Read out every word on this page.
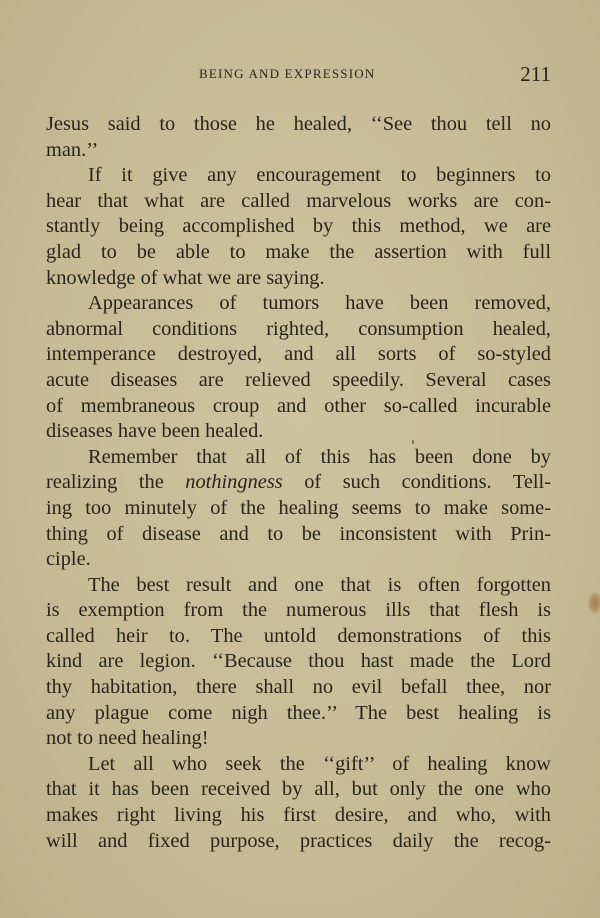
BEING AND EXPRESSION	211
Jesus said to those he healed, ‘‘See thou tell no
man.’’
If it give any encouragement to beginners to
hear that what are called marvelous works are con-
stantly being accomplished by this method, we are
glad to be able to make the assertion with full
knowledge of what we are saying.
Appearances of tumors have been removed,
abnormal conditions righted, consumption healed,
intemperance destroyed, and all sorts of so-styled
acute diseases are relieved speedily. Several cases
of membraneous croup and other so-called incurable
diseases have been healed.
Remember that all of this has been done by
realizing the nothingness of such conditions. Tell-
ing too minutely of the healing seems to make some-
thing of disease and to be inconsistent with Prin-
ciple.
The best result and one that is often forgotten
is exemption from the numerous ills that flesh is
called heir to. The untold demonstrations of this
kind are legion. ‘‘Because thou hast made the Lord
thy habitation, there shall no evil befall thee, nor
any plague come nigh thee.’’ The best healing is
not to need healing!
Let all who seek the ‘‘gift’’ of healing know
that it has been received by all, but only the one who
makes right living his first desire, and who, with
will and fixed purpose, practices daily the recog-
